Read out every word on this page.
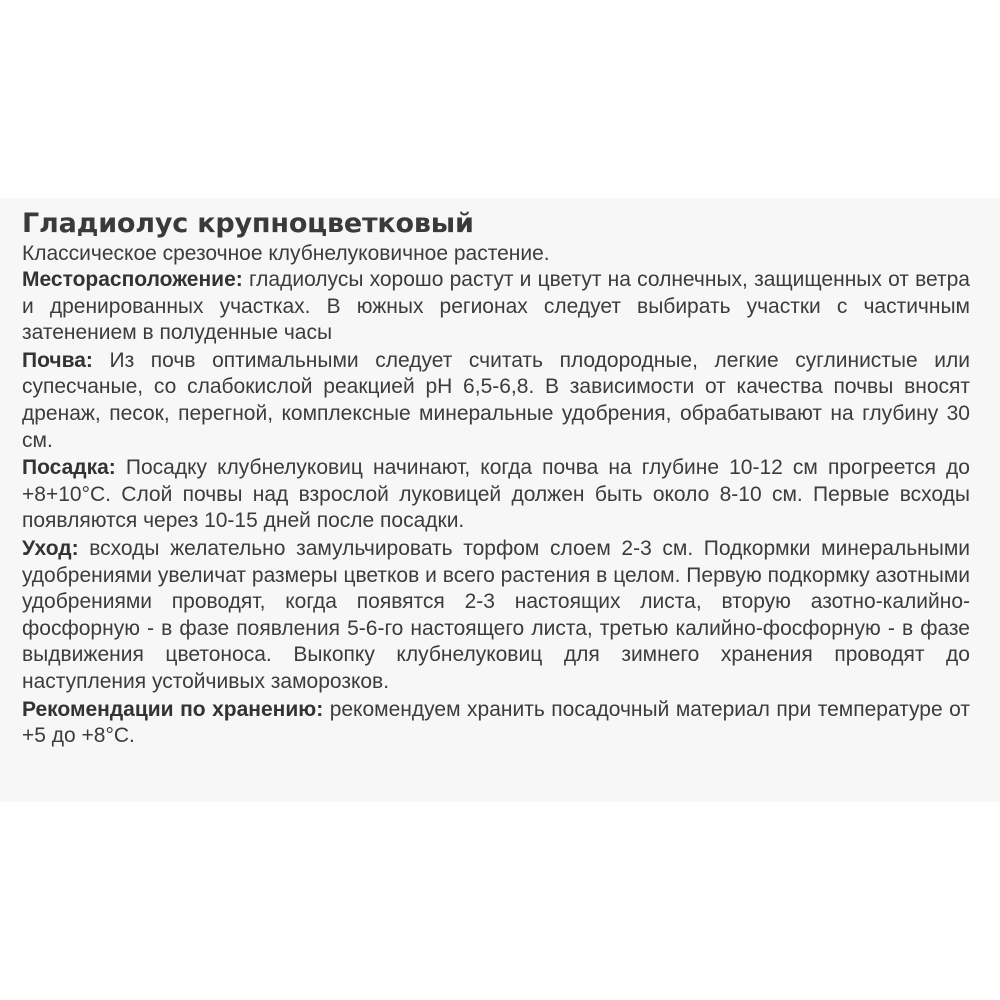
Гладиолус крупноцветковый

Классическое срезочное клубнелуковичное растение.

Месторасположение: гладиолусы хорошо растут и цветут на солнечных, защищенных от ветра и дренированных участках. В южных регионах следует выбирать участки с частичным затенением в полуденные часы

Почва: Из почв оптимальными следует считать плодородные, легкие суглинистые или супесчаные, со слабокислой реакцией pH 6,5-6,8. В зависимости от качества почвы вносят дренаж, песок, перегной, комплексные минеральные удобрения, обрабатывают на глубину 30 см.

Посадка: Посадку клубнелуковиц начинают, когда почва на глубине 10-12 см прогреется до +8+10°С. Слой почвы над взрослой луковицей должен быть около 8-10 см. Первые всходы появляются через 10-15 дней после посадки.

Уход: всходы желательно замульчировать торфом слоем 2-3 см. Подкормки минеральными удобрениями увеличат размеры цветков и всего растения в целом. Первую подкормку азотными удобрениями проводят, когда появятся 2-3 настоящих листа, вторую азотно-калийно-фосфорную - в фазе появления 5-6-го настоящего листа, третью калийно-фосфорную - в фазе выдвижения цветоноса. Выкопку клубнелуковиц для зимнего хранения проводят до наступления устойчивых заморозков.

Рекомендации по хранению: рекомендуем хранить посадочный материал при температуре от +5 до +8°С.
